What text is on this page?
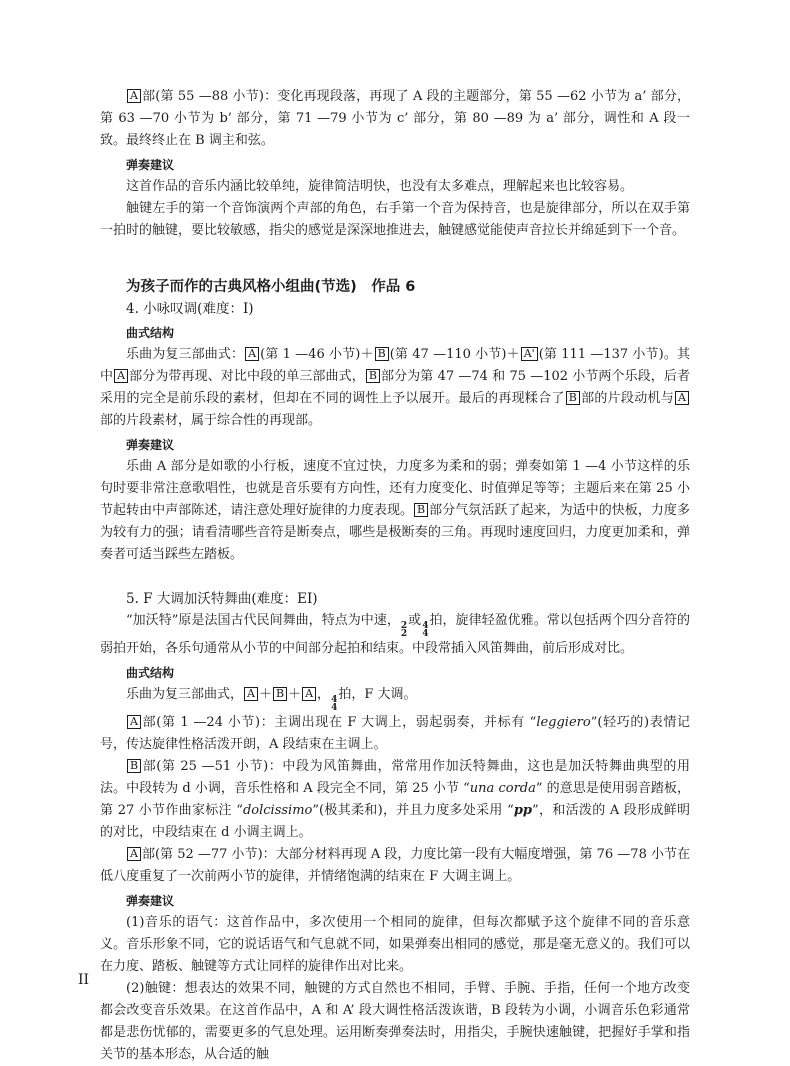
A 部(第 55 —88 小节)：变化再现段落，再现了 A 段的主题部分，第 55 —62 小节为 a’ 部分，第 63 —70 小节为 b’ 部分，第 71 —79 小节为 c’ 部分，第 80 —89 为 a’ 部分，调性和 A 段一致。最终终止在 B 调主和弦。

弹奏建议

这首作品的音乐内涵比较单纯，旋律简洁明快，也没有太多难点，理解起来也比较容易。

触键左手的第一个音饰演两个声部的角色，右手第一个音为保持音，也是旋律部分，所以在双手第一拍时的触键，要比较敏感，指尖的感觉是深深地推进去，触键感觉能使声音拉长并绵延到下一个音。

为孩子而作的古典风格小组曲(节选)　作品 6
4. 小咏叹调(难度：Ⅰ)
曲式结构

乐曲为复三部曲式： A (第 1 —46 小节)＋ B (第 47 —110 小节)＋ A' (第 111 —137 小节)。其中 A 部分为带再现、对比中段的单三部曲式， B 部分为第 47 —74 和 75 —102 小节两个乐段，后者采用的完全是前乐段的素材，但却在不同的调性上予以展开。最后的再现糅合了 B 部的片段动机与 A部的片段素材，属于综合性的再现部。

弹奏建议

乐曲 A 部分是如歌的小行板，速度不宜过快，力度多为柔和的弱；弹奏如第 1 —4 小节这样的乐句时要非常注意歌唱性，也就是音乐要有方向性，还有力度变化、时值弹足等等；主题后来在第 25 小节起转由中声部陈述，请注意处理好旋律的力度表现。 B 部分气氛活跃了起来，为适中的快板，力度多为较有力的强；请看清哪些音符是断奏点，哪些是极断奏的三角。再现时速度回归，力度更加柔和，弹奏者可适当踩些左踏板。

5. F 大调加沃特舞曲(难度：EI)

“加沃特”原是法国古代民间舞曲，特点为中速， 2
2
或 4
4
拍，旋律轻盈优雅。常以包括两个四分音符的弱拍开始，各乐句通常从小节的中间部分起拍和结束。中段常插入风笛舞曲，前后形成对比。

曲式结构

乐曲为复三部曲式， A ＋ B ＋ A ， 4
4
拍，F 大调。

A 部(第 1 —24 小节)：主调出现在 F 大调上，弱起弱奏，并标有 “leggiero”(轻巧的)表情记号，传达旋律性格活泼开朗，A 段结束在主调上。

B 部(第 25 —51 小节)：中段为风笛舞曲，常常用作加沃特舞曲，这也是加沃特舞曲典型的用法。中段转为 d 小调，音乐性格和 A 段完全不同，第 25 小节 “una corda” 的意思是使用弱音踏板，第 27 小节作曲家标注 “dolcissimo”(极其柔和)，并且力度多处采用 “pp”，和活泼的 A 段形成鲜明的对比，中段结束在 d 小调主调上。

A 部(第 52 —77 小节)：大部分材料再现 A 段，力度比第一段有大幅度增强，第 76 —78 小节在低八度重复了一次前两小节的旋律，并情绪饱满的结束在 F 大调主调上。

弹奏建议

(1)音乐的语气：这首作品中，多次使用一个相同的旋律，但每次都赋予这个旋律不同的音乐意义。音乐形象不同，它的说话语气和气息就不同，如果弹奏出相同的感觉，那是毫无意义的。我们可以在力度、踏板、触键等方式让同样的旋律作出对比来。

(2)触键：想表达的效果不同，触键的方式自然也不相同，手臂、手腕、手指，任何一个地方改变都会改变音乐效果。在这首作品中，A 和 A’ 段大调性格活泼诙谐，B 段转为小调，小调音乐色彩通常都是悲伤忧郁的，需要更多的气息处理。运用断奏弹奏法时，用指尖，手腕快速触键，把握好手掌和指关节的基本形态，从合适的触

II
